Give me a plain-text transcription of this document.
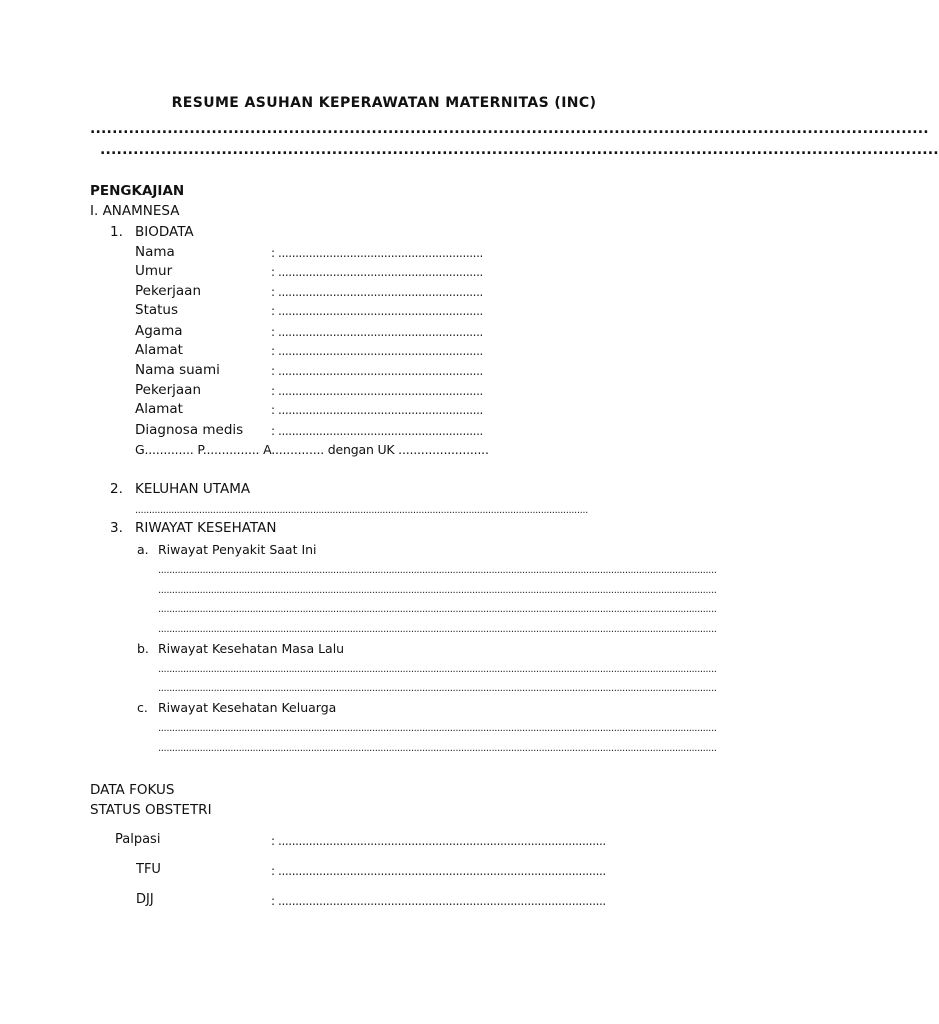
RESUME ASUHAN KEPERAWATAN MATERNITAS (INC)
........................................................................................................................................................
........................................................................................................................................................
PENGKAJIAN
I. ANAMNESA
1. BIODATA
Nama	: ............................................................
Umur	: ............................................................
Pekerjaan	: ............................................................
Status	: ............................................................
Agama	: ............................................................
Alamat	: ............................................................
Nama suami	: ............................................................
Pekerjaan	: ............................................................
Alamat	: ............................................................
Diagnosa medis : ............................................................
G............. P............... A.............. dengan UK ........................
2. KELUHAN UTAMA
...................................................................................................................................................................
3. RIWAYAT KESEHATAN
a. Riwayat Penyakit Saat Ini
.........................................................................................................................................................................................................
.........................................................................................................................................................................................................
.........................................................................................................................................................................................................
.........................................................................................................................................................................................................
b. Riwayat Kesehatan Masa Lalu
.........................................................................................................................................................................................................
.........................................................................................................................................................................................................
c. Riwayat Kesehatan Keluarga
.........................................................................................................................................................................................................
.........................................................................................................................................................................................................
DATA FOKUS
STATUS OBSTETRI
Palpasi	: ................................................................................................
TFU	: ................................................................................................
DJJ	: ................................................................................................
